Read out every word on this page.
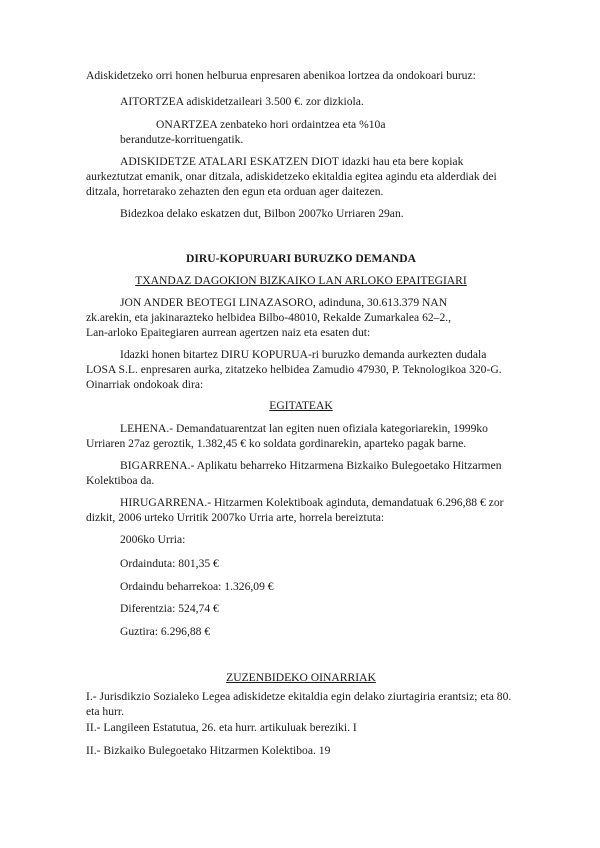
Adiskidetzeko orri honen helburua enpresaren abenikoa lortzea da ondokoari buruz:

AITORTZEA adiskidetzaileari 3.500 €. zor dizkiola.

ONARTZEA zenbateko hori ordaintzea eta %10a
berandutze-korrituengatik.

ADISKIDETZE ATALARI ESKATZEN DIOT idazki hau eta bere kopiak aurkeztutzat emanik, onar ditzala, adiskidetzeko ekitaldia egitea agindu eta alderdiak dei ditzala, horretarako zehazten den egun eta orduan ager daitezen.

Bidezkoa delako eskatzen dut, Bilbon 2007ko Urriaren 29an.

DIRU-KOPURUARI BURUZKO DEMANDA
TXANDAZ DAGOKION BIZKAIKO LAN ARLOKO EPAITEGIARI
JON ANDER BEOTEGI LINAZASORO, adinduna, 30.613.379 NAN
zk.arekin, eta jakinarazteko helbidea Bilbo-48010, Rekalde Zumarkalea 62–2.,
Lan-arloko Epaitegiaren aurrean agertzen naiz eta esaten dut:

Idazki honen bitartez DIRU KOPURUA-ri buruzko demanda aurkezten dudala LOSA S.L. enpresaren aurka, zitatzeko helbidea Zamudio 47930, P. Teknologikoa 320-G. Oinarriak ondokoak dira:

EGITATEAK

LEHENA.- Demandatuarentzat lan egiten nuen ofiziala kategoriarekin, 1999ko Urriaren 27az geroztik, 1.382,45 € ko soldata gordinarekin, aparteko pagak barne.

BIGARRENA.- Aplikatu beharreko Hitzarmena Bizkaiko Bulegoetako Hitzarmen Kolektiboa da.

HIRUGARRENA.- Hitzarmen Kolektiboak aginduta, demandatuak 6.296,88 € zor dizkit, 2006 urteko Urritik 2007ko Urria arte, horrela bereiztuta:

2006ko Urria:
Ordainduta: 801,35 €
Ordaindu beharrekoa: 1.326,09 €
Diferentzia: 524,74 €
Guztira: 6.296,88 €
ZUZENBIDEKO OINARRIAK

I.- Jurisdikzio Sozialeko Legea adiskidetze ekitaldia egin delako ziurtagiria erantsiz; eta 80. eta hurr.

II.- Langileen Estatutua, 26. eta hurr. artikuluak bereziki. I

II.- Bizkaiko Bulegoetako Hitzarmen Kolektiboa. 19
